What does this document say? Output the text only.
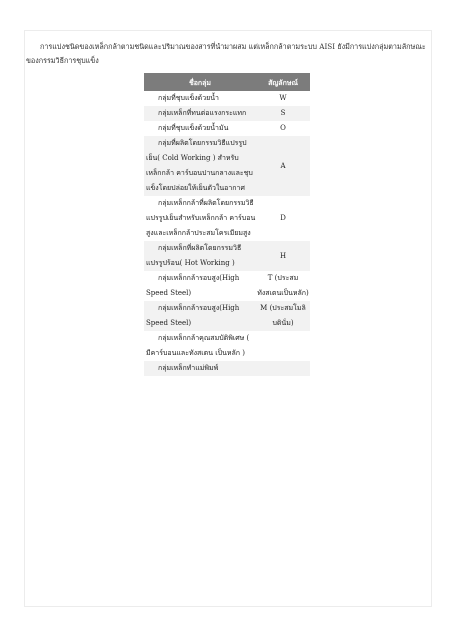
การแบ่งชนิดของเหล็กกล้าตามชนิดและปริมาณของสารที่นำมาผสม แต่เหล็กกล้าตามระบบ AISI ยังมีการแบ่งกลุ่มตามลักษณะของกรรมวิธีการชุบแข็ง

ชื่อกลุ่ม	สัญลักษณ์

กลุ่มที่ชุบแข็งด้วยน้ำ	W

กลุ่มเหล็กที่ทนต่อแรงกระแทก	S

กลุ่มที่ชุบแข็งด้วยน้ำมัน	O

กลุ่มที่ผลิตโดยกรรมวิธีแปรรูปเย็น( Cold Working ) สำหรับเหล็กกล้า คาร์บอนปานกลางและชุบแข็งโดยปล่อยให้เย็นตัวในอากาศ	A

กลุ่มเหล็กกล้าที่ผลิตโดยกรรมวิธีแปรรูปเย็นสำหรับเหล็กกล้า คาร์บอนสูงและเหล็กกล้าประสมโครเมียมสูง	D

กลุ่มเหล็กที่ผลิตโดยกรรมวิธีแปรรูปร้อน( Hot Working )	H

กลุ่มเหล็กกล้ารอบสูง(High Speed Steel)	T (ประสมทังสเตนเป็นหลัก)

กลุ่มเหล็กกล้ารอบสูง(High Speed Steel)	M (ประสมโมลิบดินั่ม)

กลุ่มเหล็กกล้าคุณสมบัติพิเศษ ( มีคาร์บอนและทังสเตน เป็นหลัก )	

กลุ่มเหล็กทำแม่พิมพ์	
